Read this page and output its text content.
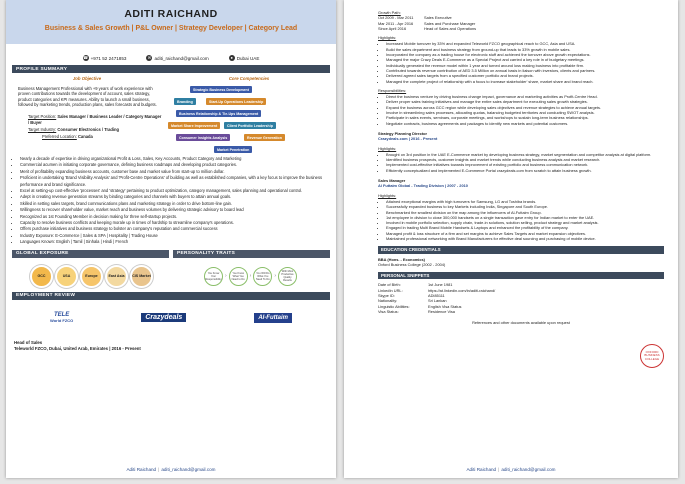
ADITI RAICHAND
Business & Sales Growth | P&L Owner | Strategy Developer | Category Lead
☎ +971 52 2471853	✉ aditi_raichand@gmail.com	● Dubai UAE
PROFILE SUMMARY
Job Objective
Business Management Professional with +9 years of work experience with proven contributions towards the development of account, sales strategy, product categories and KPI measures. Ability to launch a small business, followed by marketing trends, production plans, sales forecasts and budgets.
Target Position: Sales Manager / Business Leader / Category Manager / Buyer
Target Industry: Consumer Electronics / Trading
Preferred Location: Canada
Core Competencies
Strategic Business Development
Branding	Start-Up Operations Leadership
Business Relationship & Tie-Ups Management
Market Share Improvement	Client Portfolio Leadership
Consumer Insights Analysis	Revenue Generation
Market Penetration
• Nearly a decade of expertise in driving organizational Profit & Loss, Sales, Key Accounts, Product Category and Marketing
• Commercial acumen in initiating corporate governance, defining business roadmaps and developing product categories.
• Merit of profitability expanding business accounts, customer base and market value from start-up to million dollar.
• Proficient in undertaking 'Brand Visibility Analysis' and 'Profit-Centre Operations' of building as well as established companies, with a key focus to improve the business performance and brand significance.
• Excel at setting-up cost-effective 'processes' and 'strategy' pertaining to product optimization, category management, sales planning and operational control.
• Adept in creating revenue generation streams by binding categories and channels with buyers to attain annual goals.
• Skilled in setting sales targets, brand communications plans and marketing strategy in order to drive bottom-line gain.
• Willingness to recover shareholder value, market reach and business volumes by delivering strategic advisory to board lead
• Recognized as 1st Founding Member in decision making for three self-startup projects.
• Capacity to resolve business conflicts and keeping morale up in times of hardship to streamline company's operations.
• Offers purchase initiatives and business strategy to bolster an company's reputation and commercial success
• Industry Exposure: E-Commerce | Sales & SPA | Hospitality | Trading House
• Languages Known: English | Tamil | Sinhala | Hindi | French
GLOBAL EXPOSURE	PERSONALITY TRAITS
GCC	USA	Europe	East Asia	CIS Market
You Know Your Responsibility ›	You Know What You Need to Do ›	You Will Do What You Need To Do ›
With Most Productive Quality Results
EMPLOYMENT REVIEW
TELE
World FZCO	Crazydeals	Al-Futtaim
Head of Sales
Teleworld FZCO, Dubai, United Arab, Emirates | 2016 - Present
Aditi Raichand | aditi_raichand@gmail.com
Growth Path:
Oct 2009 - Mar 2011	Sales Executive
Mar 2011 - Apr 2016	Sales and Purchase Manager
Since April 2016	Head of Sales and Operations
Highlights:
• Increased Mobile turnover by 33% and expanded Teleworld FZCO geographical reach to GCC, Asia and USA.
• Build the sales department and business strategy from ground-up that leads to 33% growth in mobile sales.
• Incorporated the company as a trading house for electronic stuff and achieved the turnover above growth expectations.
• Managed the major Crazy Deals E-Commerce as a Special Project and carried a key role in of budgetary meetings.
• Individually generated the revenue model within 1 year and turned around loss making business into profitable firm.
• Contributed towards revenue contribution of AED 3.5 Million on annual basis in liaison with investors, clients and partners.
• Delivered agreed sales targets from a specified customer portfolio and brand projects.
• Managed the complete project of relationship with a focus to increase stakeholder' share, market share and brand reach.
Responsibilities:
• Direct the business venture by driving business change impact, governance and marketing activities as Profit-Centre Head.
• Deliver proper sales training initiatives and manage the entire sales department for executing sales growth strategies.
• Expand the business across GCC region while developing sales objectives and revenue strategies to achieve annual targets.
• Involve in streamlining sales processes, allocating quotas, balancing budgeted territories and conducting SWOT analysis.
• Participate in sales events, seminars, corporate meetings, and workshops to sustain long-term business relationships.
• Negotiate contracts, business agreements and packages to identify new markets and potential customers.
Strategy Planning Director
Crazydeals.com | 2016 - Present
Highlights:
• Brought on 3rd position in the UAE E-Commerce market by developing business strategy, market segmentation and competitor analysis at digital platform.
• Identified business prospects, customer insights and market trends while conducting business analysis and market research.
• Implemented cost-effective initiatives towards improvement of existing portfolio and business communication network.
• Efficiently conceptualized and implemented E-Commerce Portal crazydeals.com from scratch to attain business growth.
Sales Manager
Al Futtaim Global - Trading Division | 2007 - 2010
Highlights:
• Attained exceptional margins with high turnovers for Samsung, LG and Toshiba brands.
• Successfully expanded business to key Markets including India, Singapore and South Europe.
• Benchmarked the smallest division on the map among the influencers of Al-Futtaim Group.
• 1st employee in division to close 300,000 handsets on a single transaction gave entry for Indian market to enter the UAE.
• Involved in mobile portfolio selection, supply chain, trade-in solutions, solution selling, product strategy and market analysis.
• Engaged in trading Multi Brand Mobile Handsets & Laptops and enhanced the profitability of the company.
• Managed profit & loss structure of a firm and set margins to achieve Sales Targets and market expansion objectives.
• Maintained professional networking with Brand Manufacturers for effective deal sourcing and purchasing of mobile device.
EDUCATION CREDENTIALS
BBA (Hons. - Economics)
Oxford Business College (2002 - 2004)
PERSONAL SNIPPETS
Date of Birth:	1st June 1981
LinkedIn URL:	https://at.linkedin.com/in/aditi-raichand/
Skype ID:	ADI85111
Nationality:	Sri Lankan
Linguistic Abilities:	English Visa Status
Visa Status:	Residence Visa
References and other documents available upon request
OXFORD
BUSINESS
COLLEGE
Aditi Raichand | aditi_raichand@gmail.com
